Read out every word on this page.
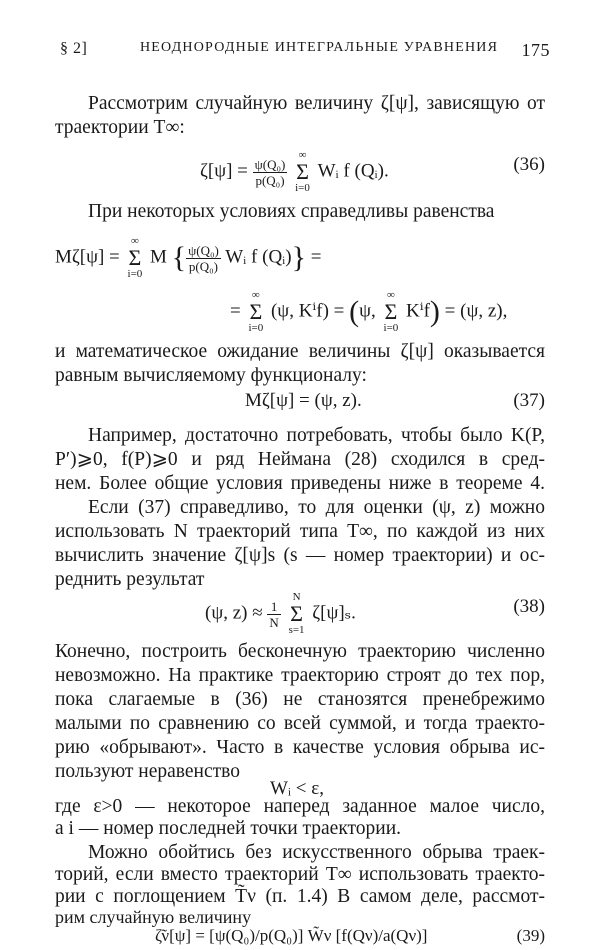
§ 2]	НЕОДНОРОДНЫЕ ИНТЕГРАЛЬНЫЕ УРАВНЕНИЯ 175
Рассмотрим случайную величину ζ[ψ], зависящую от
траектории T∞:
$\zeta[\psi] = \frac{\text{ψ(Q₀)}}{\text{p(Q₀)}}$
∞
Σ
i=0 Wᵢ f (Qᵢ).	(36)
При некоторых условиях справедливы равенства
Mζ[ψ] = ∞
Σ
i=0 M { $\frac{\text{ψ(Q₀)}}{\text{p(Q₀)}}$ Wᵢ f (Qᵢ)} =
= ∞
Σ
i=0 (ψ, Kⁱf) = (ψ, ∞
Σ
i=0 Kⁱf) = (ψ, z),
и математическое ожидание величины ζ[ψ] оказывается
равным вычисляемому функционалу:
Mζ[ψ] = (ψ, z).	(37)
Например, достаточно потребовать, чтобы было K(P,
P′)⩾0, f(P)⩾0 и ряд Неймана (28) сходился в сред-
нем. Более общие условия приведены ниже в теореме 4.
Если (37) справедливо, то для оценки (ψ, z) можно
использовать N траекторий типа T∞, по каждой из них
вычислить значение ζ[ψ]s (s — номер траектории) и ос-
реднить результат
(ψ, $z) \approx \frac{1}{N}$
N
Σ
s=1 ζ[ψ]ₛ.	(38)
Конечно, построить бесконечную траекторию численно
невозможно. На практике траекторию строят до тех пор,
пока слагаемые в (36) не станозятся пренебрежимо
малыми по сравнению со всей суммой, и тогда траекто-
рию «обрывают». Часто в качестве условия обрыва ис-
пользуют неравенство
Wᵢ < ε,
где ε>0 — некоторое наперед заданное малое число,
а i — номер последней точки траектории.
Можно обойтись без искусственного обрыва траек-
торий, если вместо траекторий T∞ использовать траекто-
рии с поглощением T̃ν (п. 1.4) В самом деле, рассмот-
рим случайную величину
ζ̃ν[ψ] = [ψ(Q₀)/p(Q₀)] W̃ν [f(Qν)/a(Qν)]	(39)
